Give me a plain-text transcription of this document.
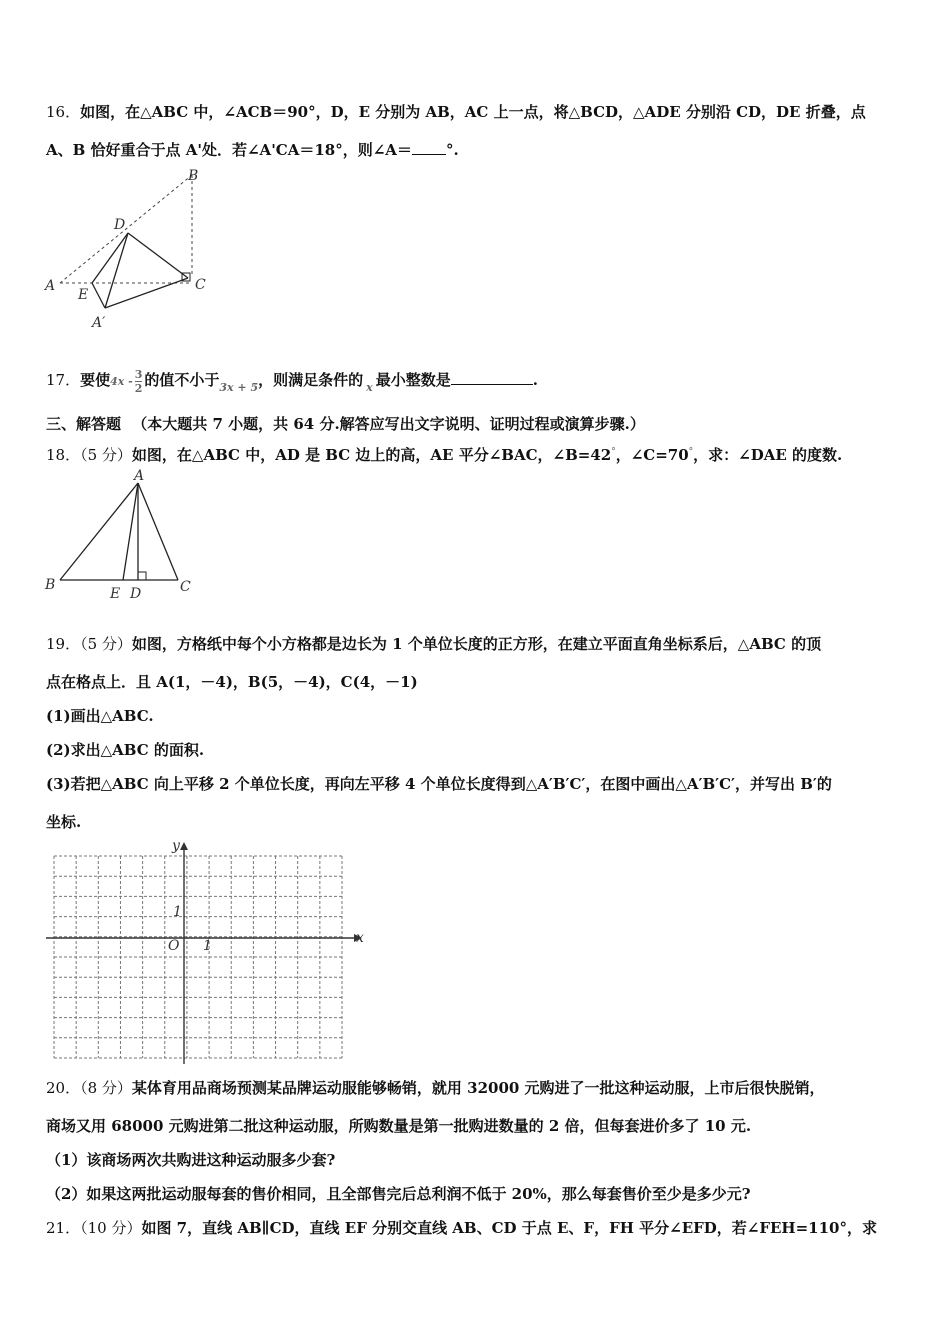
16．如图，在△ABC 中，∠ACB＝90°，D，E 分别为 AB，AC 上一点，将△BCD，△ADE 分别沿 CD，DE 折叠，点
A、B 恰好重合于点 A'处．若∠A'CA＝18°，则∠A＝ °.
A
B
C
D
E
A′
17．要使$4x - \frac{3}{2}$ 的值不小于$_{3x + 5}$，则满足条件的 $_x$ 最小整数是	.
三、解答题 （本大题共 7 小题，共 64 分.解答应写出文字说明、证明过程或演算步骤.）
18．（5 分）如图，在△ABC 中，AD 是 BC 边上的高，AE 平分∠BAC，∠B=42°，∠C=70°，求：∠DAE 的度数.
A
B	C
E D
19．（5 分）如图，方格纸中每个小方格都是边长为 1 个单位长度的正方形，在建立平面直角坐标系后，△ABC 的顶
点在格点上．且 A(1，－4)，B(5，－4)，C(4，－1)
(1)画出△ABC.
(2)求出△ABC 的面积.
(3)若把△ABC 向上平移 2 个单位长度，再向左平移 4 个单位长度得到△A′B′C′，在图中画出△A′B′C′，并写出 B′的
坐标.
x
y
O 1
1
20．（8 分）某体育用品商场预测某品牌运动服能够畅销，就用 32000 元购进了一批这种运动服，上市后很快脱销，
商场又用 68000 元购进第二批这种运动服，所购数量是第一批购进数量的 2 倍，但每套进价多了 10 元.
（1）该商场两次共购进这种运动服多少套?
（2）如果这两批运动服每套的售价相同，且全部售完后总利润不低于 20%，那么每套售价至少是多少元?
21．（10 分）如图 7，直线 AB∥CD，直线 EF 分别交直线 AB、CD 于点 E、F，FH 平分∠EFD，若∠FEH=110°，求
